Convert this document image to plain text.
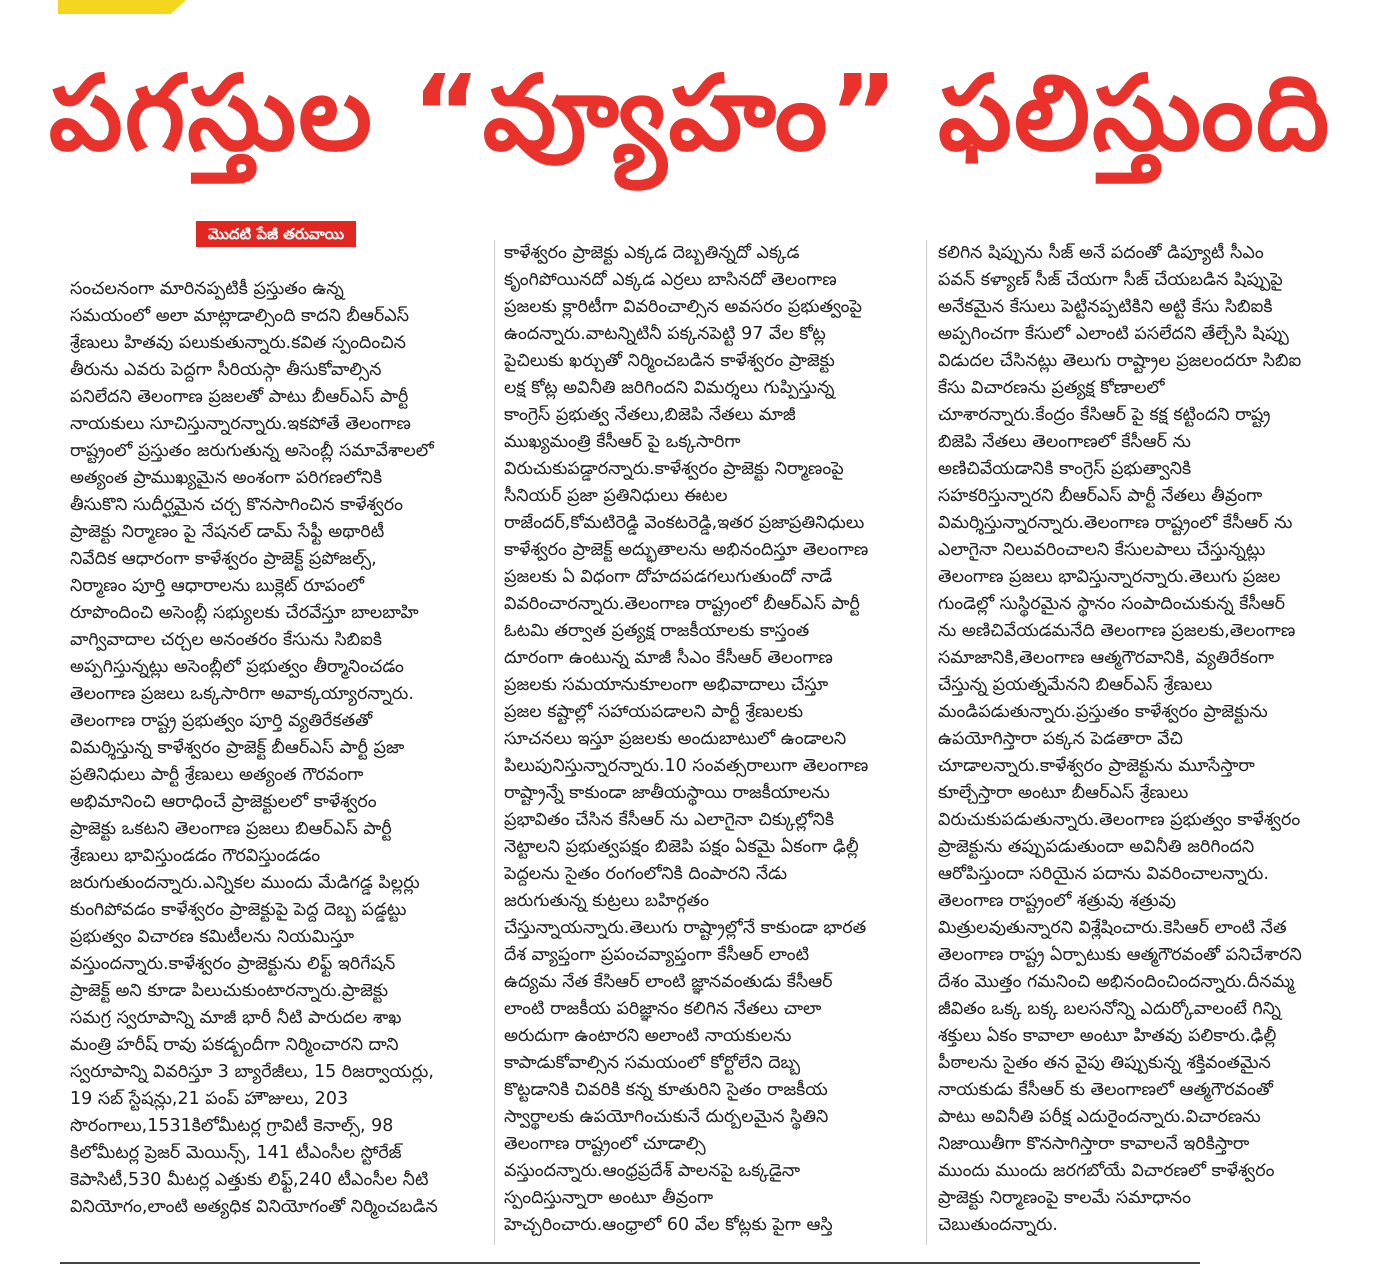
పగస్తుల “వ్యూహం” ఫలిస్తుంది
మొదటి పేజీ తరువాయి
సంచలనంగా మారినప్పటికీ ప్రస్తుతం ఉన్న
సమయంలో అలా మాట్లాడాల్సింది కాదని బీఆర్ఎస్
శ్రేణులు హితవు పలుకుతున్నారు.కవిత స్పందించిన
తీరును ఎవరు పెద్దగా సీరియస్గా తీసుకోవాల్సిన
పనిలేదని తెలంగాణ ప్రజలతో పాటు బీఆర్ఎస్ పార్టీ
నాయకులు సూచిస్తున్నారన్నారు.ఇకపోతే తెలంగాణ
రాష్ట్రంలో ప్రస్తుతం జరుగుతున్న అసెంబ్లీ సమావేశాలలో
అత్యంత ప్రాముఖ్యమైన అంశంగా పరిగణలోనికి
తీసుకొని సుదీర్ఘమైన చర్చ కొనసాగించిన కాళేశ్వరం
ప్రాజెక్టు నిర్మాణం పై నేషనల్ డామ్ సేఫ్టీ అథారిటీ
నివేదిక ఆధారంగా కాళేశ్వరం ప్రాజెక్ట్ ప్రపోజల్స్,
నిర్మాణం పూర్తి ఆధారాలను బుక్లెట్ రూపంలో
రూపొందించి అసెంబ్లీ సభ్యులకు చేరవేస్తూ బాలబాహి
వాగ్వివాదాల చర్చల అనంతరం కేసును సిబిఐకి
అప్పగిస్తున్నట్లు అసెంబ్లీలో ప్రభుత్వం తీర్మానించడం
తెలంగాణ ప్రజలు ఒక్కసారిగా అవాక్కయ్యారన్నారు.
తెలంగాణ రాష్ట్ర ప్రభుత్వం పూర్తి వ్యతిరేకతతో
విమర్శిస్తున్న కాళేశ్వరం ప్రాజెక్ట్ బీఆర్ఎస్ పార్టీ ప్రజా
ప్రతినిధులు పార్టీ శ్రేణులు అత్యంత గౌరవంగా
అభిమానించి ఆరాధించే ప్రాజెక్టులలో కాళేశ్వరం
ప్రాజెక్టు ఒకటని తెలంగాణ ప్రజలు బిఆర్ఎస్ పార్టీ
శ్రేణులు భావిస్తుండడం గౌరవిస్తుండడం
జరుగుతుందన్నారు.ఎన్నికల ముందు మేడిగడ్డ పిల్లర్లు
కుంగిపోవడం కాళేశ్వరం ప్రాజెక్టుపై పెద్ద దెబ్బ పడ్డట్టు
ప్రభుత్వం విచారణ కమిటీలను నియమిస్తూ
వస్తుందన్నారు.కాళేశ్వరం ప్రాజెక్టును లిఫ్ట్ ఇరిగేషన్
ప్రాజెక్ట్ అని కూడా పిలుచుకుంటారన్నారు.ప్రాజెక్టు
సమగ్ర స్వరూపాన్ని మాజీ భారీ నీటి పారుదల శాఖ
మంత్రి హరీష్ రావు పకడ్బందీగా నిర్మించారని దాని
స్వరూపాన్ని వివరిస్తూ 3 బ్యారేజీలు, 15 రిజర్వాయర్లు,
19 సబ్ స్టేషన్లు,21 పంప్ హౌజులు, 203
సొరంగాలు,1531కిలోమీటర్ల గ్రావిటీ కెనాల్స్, 98
కిలోమీటర్ల ప్రెజర్ మెయిన్స్, 141 టీఎంసీల స్టోరేజ్
కెపాసిటీ,530 మీటర్ల ఎత్తుకు లిఫ్ట్,240 టీఎంసీల నీటి
వినియోగం,లాంటి అత్యధిక వినియోగంతో నిర్మించబడిన
కాళేశ్వరం ప్రాజెక్టు ఎక్కడ దెబ్బతిన్నదో ఎక్కడ
కృంగిపోయినదో ఎక్కడ ఎర్రలు బాసినదో తెలంగాణ
ప్రజలకు క్లారిటీగా వివరించాల్సిన అవసరం ప్రభుత్వంపై
ఉందన్నారు.వాటన్నిటినీ పక్కనపెట్టి 97 వేల కోట్ల
పైచిలుకు ఖర్చుతో నిర్మించబడిన కాళేశ్వరం ప్రాజెక్టు
లక్ష కోట్ల అవినీతి జరిగిందని విమర్శలు గుప్పిస్తున్న
కాంగ్రెస్ ప్రభుత్వ నేతలు,బిజెపి నేతలు మాజీ
ముఖ్యమంత్రి కేసీఆర్ పై ఒక్కసారిగా
విరుచుకుపడ్డారన్నారు.కాళేశ్వరం ప్రాజెక్టు నిర్మాణంపై
సీనియర్ ప్రజా ప్రతినిధులు ఈటల
రాజేందర్,కోమటిరెడ్డి వెంకటరెడ్డి,ఇతర ప్రజాప్రతినిధులు
కాళేశ్వరం ప్రాజెక్ట్ అద్భుతాలను అభినందిస్తూ తెలంగాణ
ప్రజలకు ఏ విధంగా దోహదపడగలుగుతుందో నాడే
వివరించారన్నారు.తెలంగాణ రాష్ట్రంలో బీఆర్ఎస్ పార్టీ
ఓటమి తర్వాత ప్రత్యక్ష రాజకీయాలకు కాస్తంత
దూరంగా ఉంటున్న మాజీ సీఎం కేసీఆర్ తెలంగాణ
ప్రజలకు సమయానుకూలంగా అభివాదాలు చేస్తూ
ప్రజల కష్టాల్లో సహాయపడాలని పార్టీ శ్రేణులకు
సూచనలు ఇస్తూ ప్రజలకు అందుబాటులో ఉండాలని
పిలుపునిస్తున్నారన్నారు.10 సంవత్సరాలుగా తెలంగాణ
రాష్ట్రాన్నే కాకుండా జాతీయస్థాయి రాజకీయాలను
ప్రభావితం చేసిన కేసీఆర్ ను ఎలాగైనా చిక్కుల్లోనికి
నెట్టాలని ప్రభుత్వపక్షం బిజెపి పక్షం ఏకమై ఏకంగా ఢిల్లీ
పెద్దలను సైతం రంగంలోనికి దింపారని నేడు
జరుగుతున్న కుట్రలు బహిర్గతం
చేస్తున్నాయన్నారు.తెలుగు రాష్ట్రాల్లోనే కాకుండా భారత
దేశ వ్యాప్తంగా ప్రపంచవ్యాప్తంగా కేసీఆర్ లాంటి
ఉద్యమ నేత కేసిఆర్ లాంటి జ్ఞానవంతుడు కేసీఆర్
లాంటి రాజకీయ పరిజ్ఞానం కలిగిన నేతలు చాలా
అరుదుగా ఉంటారని అలాంటి నాయకులను
కాపాడుకోవాల్సిన సమయంలో కోర్టోలేని దెబ్బ
కొట్టడానికి చివరికి కన్న కూతురిని సైతం రాజకీయ
స్వార్థాలకు ఉపయోగించుకునే దుర్బలమైన స్థితిని
తెలంగాణ రాష్ట్రంలో చూడాల్సి
వస్తుందన్నారు.ఆంధ్రప్రదేశ్ పాలనపై ఒక్కడైనా
స్పందిస్తున్నారా అంటూ తీవ్రంగా
హెచ్చరించారు.ఆంధ్రాలో 60 వేల కోట్లకు పైగా ఆస్తి
కలిగిన షిప్పును సీజ్ అనే పదంతో డిప్యూటీ సీఎం
పవన్ కళ్యాణ్ సీజ్ చేయగా సీజ్ చేయబడిన షిప్పుపై
అనేకమైన కేసులు పెట్టినప్పటికిని అట్టి కేసు సిబిఐకి
అప్పగించగా కేసులో ఎలాంటి పసలేదని తేల్చేసి షిప్పు
విడుదల చేసినట్లు తెలుగు రాష్ట్రాల ప్రజలందరూ సిబిఐ
కేసు విచారణను ప్రత్యక్ష కోణాలలో
చూశారన్నారు.కేంద్రం కేసిఆర్ పై కక్ష కట్టిందని రాష్ట్ర
బిజెపి నేతలు తెలంగాణలో కేసీఆర్ ను
అణిచివేయడానికి కాంగ్రెస్ ప్రభుత్వానికి
సహకరిస్తున్నారని బీఆర్ఎస్ పార్టీ నేతలు తీవ్రంగా
విమర్శిస్తున్నారన్నారు.తెలంగాణ రాష్ట్రంలో కేసీఆర్ ను
ఎలాగైనా నిలువరించాలని కేసులపాలు చేస్తున్నట్లు
తెలంగాణ ప్రజలు భావిస్తున్నారన్నారు.తెలుగు ప్రజల
గుండెల్లో సుస్థిరమైన స్థానం సంపాదించుకున్న కేసీఆర్
ను అణిచివేయడమనేది తెలంగాణ ప్రజలకు,తెలంగాణ
సమాజానికి,తెలంగాణ ఆత్మగౌరవానికి, వ్యతిరేకంగా
చేస్తున్న ప్రయత్నమేనని బిఆర్ఎస్ శ్రేణులు
మండిపడుతున్నారు.ప్రస్తుతం కాళేశ్వరం ప్రాజెక్టును
ఉపయోగిస్తారా పక్కన పెడతారా వేచి
చూడాలన్నారు.కాళేశ్వరం ప్రాజెక్టును మూసేస్తారా
కూల్చేస్తారా అంటూ బీఆర్ఎస్ శ్రేణులు
విరుచుకుపడుతున్నారు.తెలంగాణ ప్రభుత్వం కాళేశ్వరం
ప్రాజెక్టును తప్పుపడుతుందా అవినీతి జరిగిందని
ఆరోపిస్తుందా సరియైన పదాను వివరించాలన్నారు.
తెలంగాణ రాష్ట్రంలో శత్రువు శత్రువు
మిత్రులవుతున్నారని విశ్లేషించారు.కెసిఆర్ లాంటి నేత
తెలంగాణ రాష్ట్ర ఏర్పాటుకు ఆత్మగౌరవంతో పనిచేశారని
దేశం మొత్తం గమనించి అభినందించిందన్నారు.దీనమ్మ
జీవితం ఒక్క బక్క బలసనోన్ని ఎదుర్కోవాలంటే గిన్ని
శక్తులు ఏకం కావాలా అంటూ హితవు పలికారు.ఢిల్లీ
పీఠాలను సైతం తన వైపు తిప్పుకున్న శక్తివంతమైన
నాయకుడు కేసీఆర్ కు తెలంగాణలో ఆత్మగౌరవంతో
పాటు అవినీతి పరీక్ష ఎదురైందన్నారు.విచారణను
నిజాయితీగా కొనసాగిస్తారా కావాలనే ఇరికిస్తారా
ముందు ముందు జరగబోయే విచారణలో కాళేశ్వరం
ప్రాజెక్టు నిర్మాణంపై కాలమే సమాధానం
చెబుతుందన్నారు.
